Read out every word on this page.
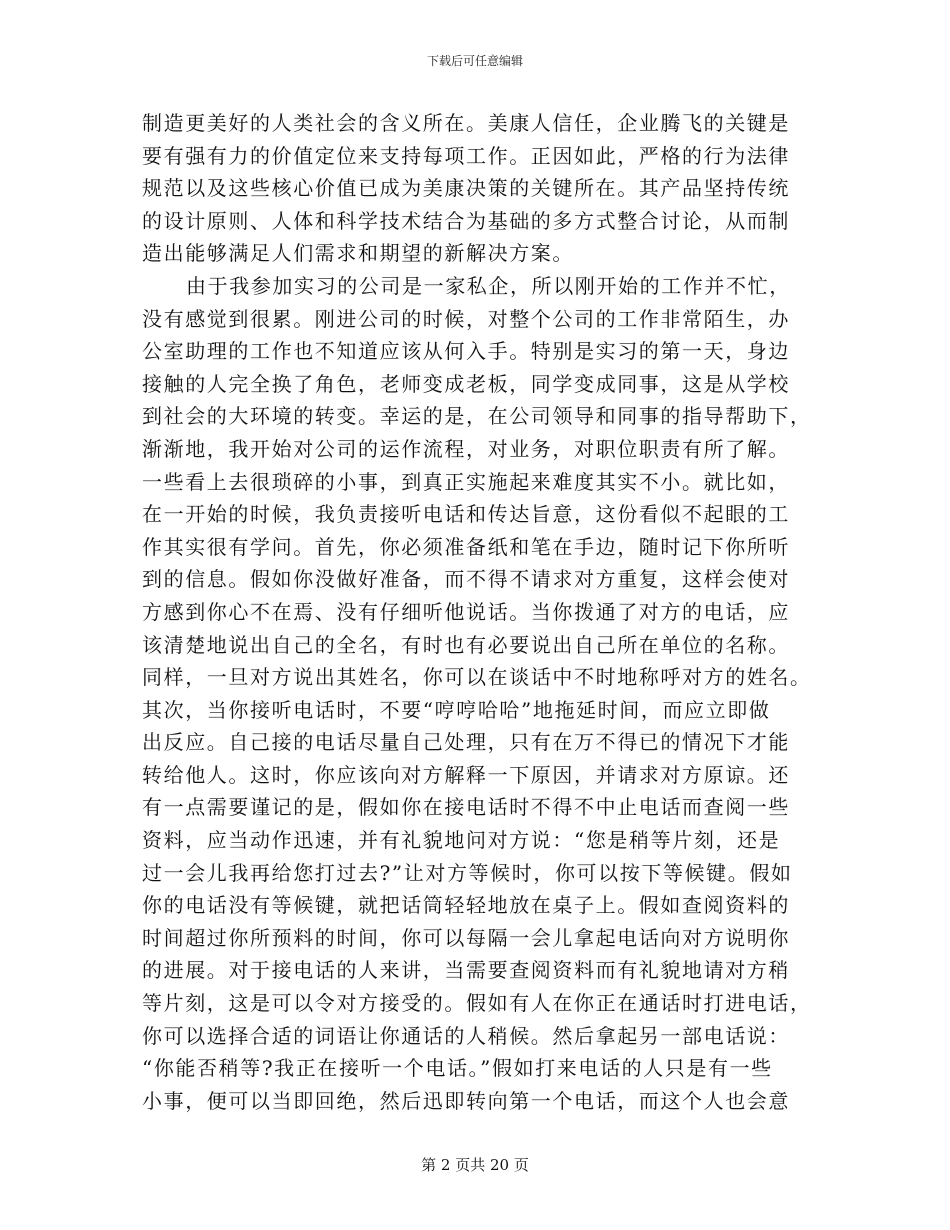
下载后可任意编辑
制造更美好的人类社会的含义所在。美康人信任，企业腾飞的关键是
要有强有力的价值定位来支持每项工作。正因如此，严格的行为法律
规范以及这些核心价值已成为美康决策的关键所在。其产品坚持传统
的设计原则、人体和科学技术结合为基础的多方式整合讨论，从而制
造出能够满足人们需求和期望的新解决方案。
由于我参加实习的公司是一家私企，所以刚开始的工作并不忙，
没有感觉到很累。刚进公司的时候，对整个公司的工作非常陌生，办
公室助理的工作也不知道应该从何入手。特别是实习的第一天，身边
接触的人完全换了角色，老师变成老板，同学变成同事，这是从学校
到社会的大环境的转变。幸运的是，在公司领导和同事的指导帮助下，
渐渐地，我开始对公司的运作流程，对业务，对职位职责有所了解。
一些看上去很琐碎的小事，到真正实施起来难度其实不小。就比如，
在一开始的时候，我负责接听电话和传达旨意，这份看似不起眼的工
作其实很有学问。首先，你必须准备纸和笔在手边，随时记下你所听
到的信息。假如你没做好准备，而不得不请求对方重复，这样会使对
方感到你心不在焉、没有仔细听他说话。当你拨通了对方的电话，应
该清楚地说出自己的全名，有时也有必要说出自己所在单位的名称。
同样，一旦对方说出其姓名，你可以在谈话中不时地称呼对方的姓名。
其次，当你接听电话时，不要“哼哼哈哈”地拖延时间，而应立即做
出反应。自己接的电话尽量自己处理，只有在万不得已的情况下才能
转给他人。这时，你应该向对方解释一下原因，并请求对方原谅。还
有一点需要谨记的是，假如你在接电话时不得不中止电话而查阅一些
资料，应当动作迅速，并有礼貌地问对方说：“您是稍等片刻，还是
过一会儿我再给您打过去?”让对方等候时，你可以按下等候键。假如
你的电话没有等候键，就把话筒轻轻地放在桌子上。假如查阅资料的
时间超过你所预料的时间，你可以每隔一会儿拿起电话向对方说明你
的进展。对于接电话的人来讲，当需要查阅资料而有礼貌地请对方稍
等片刻，这是可以令对方接受的。假如有人在你正在通话时打进电话，
你可以选择合适的词语让你通话的人稍候。然后拿起另一部电话说：
“你能否稍等?我正在接听一个电话。”假如打来电话的人只是有一些
小事，便可以当即回绝，然后迅即转向第一个电话，而这个人也会意
第 2 页共 20 页
